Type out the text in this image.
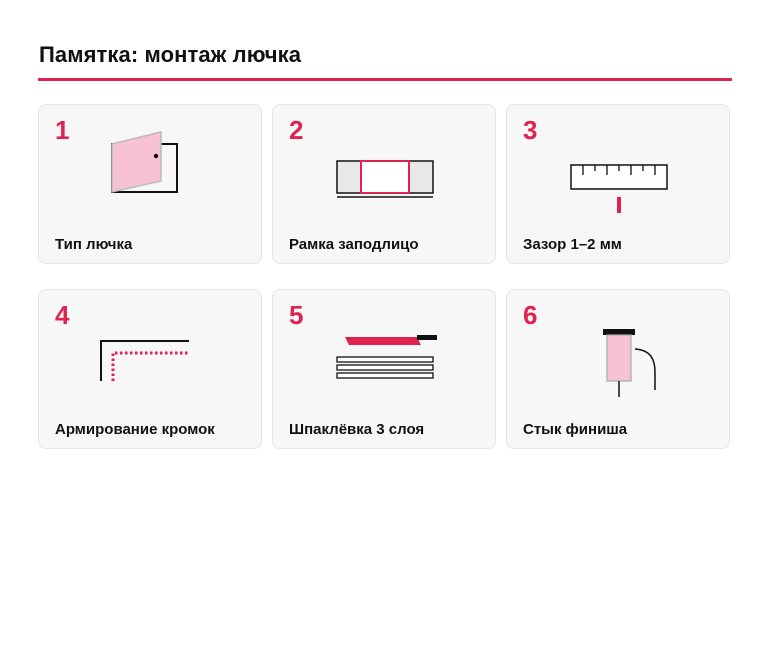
Памятка: монтаж лючка
1
Тип лючка
2
Рамка заподлицо
3
Зазор 1–2 мм
4
Армирование кромок
5
Шпаклёвка 3 слоя
6
Стык финиша
